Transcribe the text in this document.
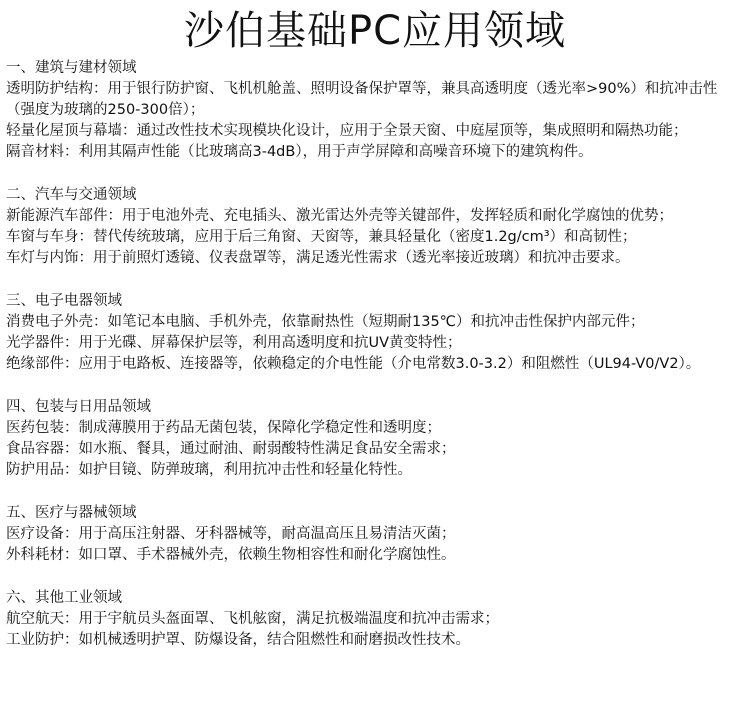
沙伯基础PC应用领域
一、建筑与建材领域
透明防护结构：用于银行防护窗、飞机机舱盖、照明设备保护罩等，兼具高透明度（透光率>90%）和抗冲击性（强度为玻璃的250-300倍）；
轻量化屋顶与幕墙：通过改性技术实现模块化设计，应用于全景天窗、中庭屋顶等，集成照明和隔热功能；
隔音材料：利用其隔声性能（比玻璃高3-4dB），用于声学屏障和高噪音环境下的建筑构件。
二、汽车与交通领域
新能源汽车部件：用于电池外壳、充电插头、激光雷达外壳等关键部件，发挥轻质和耐化学腐蚀的优势；
车窗与车身：替代传统玻璃，应用于后三角窗、天窗等，兼具轻量化（密度1.2g/cm³）和高韧性；
车灯与内饰：用于前照灯透镜、仪表盘罩等，满足透光性需求（透光率接近玻璃）和抗冲击要求。
三、电子电器领域
消费电子外壳：如笔记本电脑、手机外壳，依靠耐热性（短期耐135℃）和抗冲击性保护内部元件；
光学器件：用于光碟、屏幕保护层等，利用高透明度和抗UV黄变特性；
绝缘部件：应用于电路板、连接器等，依赖稳定的介电性能（介电常数3.0-3.2）和阻燃性（UL94-V0/V2）。
四、包装与日用品领域
医药包装：制成薄膜用于药品无菌包装，保障化学稳定性和透明度；
食品容器：如水瓶、餐具，通过耐油、耐弱酸特性满足食品安全需求；
防护用品：如护目镜、防弹玻璃，利用抗冲击性和轻量化特性。
五、医疗与器械领域
医疗设备：用于高压注射器、牙科器械等，耐高温高压且易清洁灭菌；
外科耗材：如口罩、手术器械外壳，依赖生物相容性和耐化学腐蚀性。
六、其他工业领域
航空航天：用于宇航员头盔面罩、飞机舷窗，满足抗极端温度和抗冲击需求；
工业防护：如机械透明护罩、防爆设备，结合阻燃性和耐磨损改性技术。
